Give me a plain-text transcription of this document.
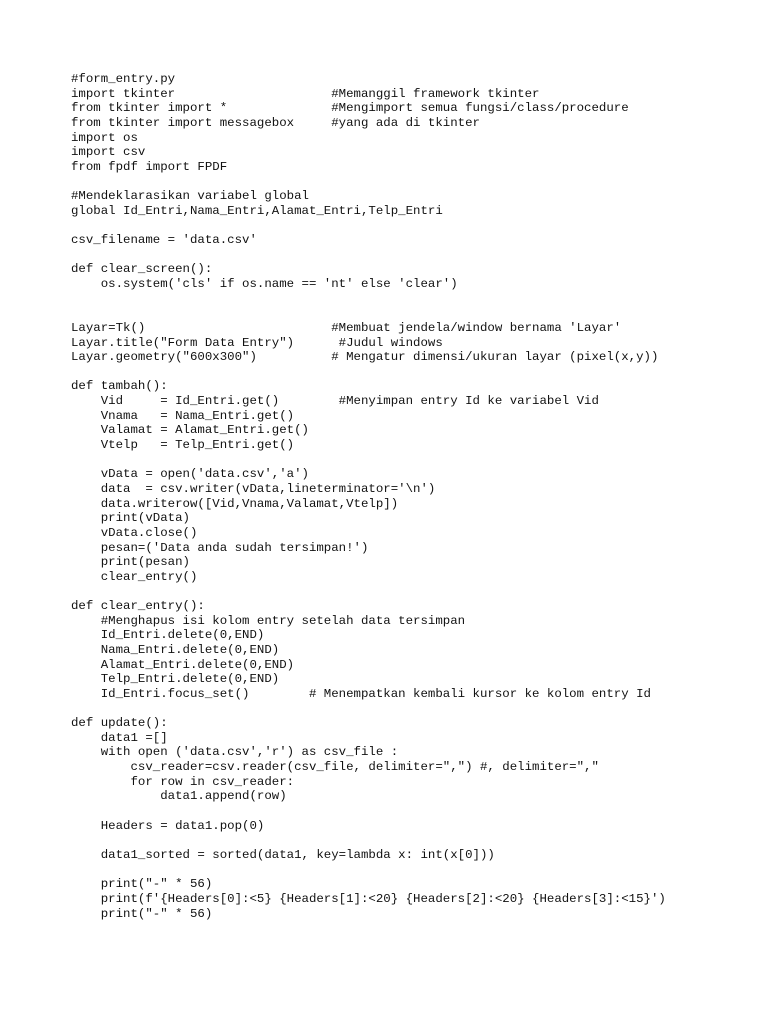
#form_entry.py
import tkinter                     #Memanggil framework tkinter
from tkinter import *              #Mengimport semua fungsi/class/procedure
from tkinter import messagebox     #yang ada di tkinter
import os
import csv
from fpdf import FPDF
#Mendeklarasikan variabel global
global Id_Entri,Nama_Entri,Alamat_Entri,Telp_Entri
csv_filename = 'data.csv'
def clear_screen():
os.system('cls' if os.name == 'nt' else 'clear')
Layar=Tk()                         #Membuat jendela/window bernama 'Layar'
Layar.title("Form Data Entry")      #Judul windows
Layar.geometry("600x300")          # Mengatur dimensi/ukuran layar (pixel(x,y))
def tambah():
Vid     = Id_Entri.get()        #Menyimpan entry Id ke variabel Vid
Vnama   = Nama_Entri.get()
Valamat = Alamat_Entri.get()
Vtelp   = Telp_Entri.get()
vData = open('data.csv','a')
data  = csv.writer(vData,lineterminator='\n')
data.writerow([Vid,Vnama,Valamat,Vtelp])
print(vData)
vData.close()
pesan=('Data anda sudah tersimpan!')
print(pesan)
clear_entry()
def clear_entry():
#Menghapus isi kolom entry setelah data tersimpan
Id_Entri.delete(0,END)
Nama_Entri.delete(0,END)
Alamat_Entri.delete(0,END)
Telp_Entri.delete(0,END)
Id_Entri.focus_set()        # Menempatkan kembali kursor ke kolom entry Id
def update():
data1 =[]
with open ('data.csv','r') as csv_file :
csv_reader=csv.reader(csv_file, delimiter=",") #, delimiter=","
for row in csv_reader:
data1.append(row)
Headers = data1.pop(0)
data1_sorted = sorted(data1, key=lambda x: int(x[0]))
print("-" * 56)
print(f'{Headers[0]:<5} {Headers[1]:<20} {Headers[2]:<20} {Headers[3]:<15}')
print("-" * 56)
